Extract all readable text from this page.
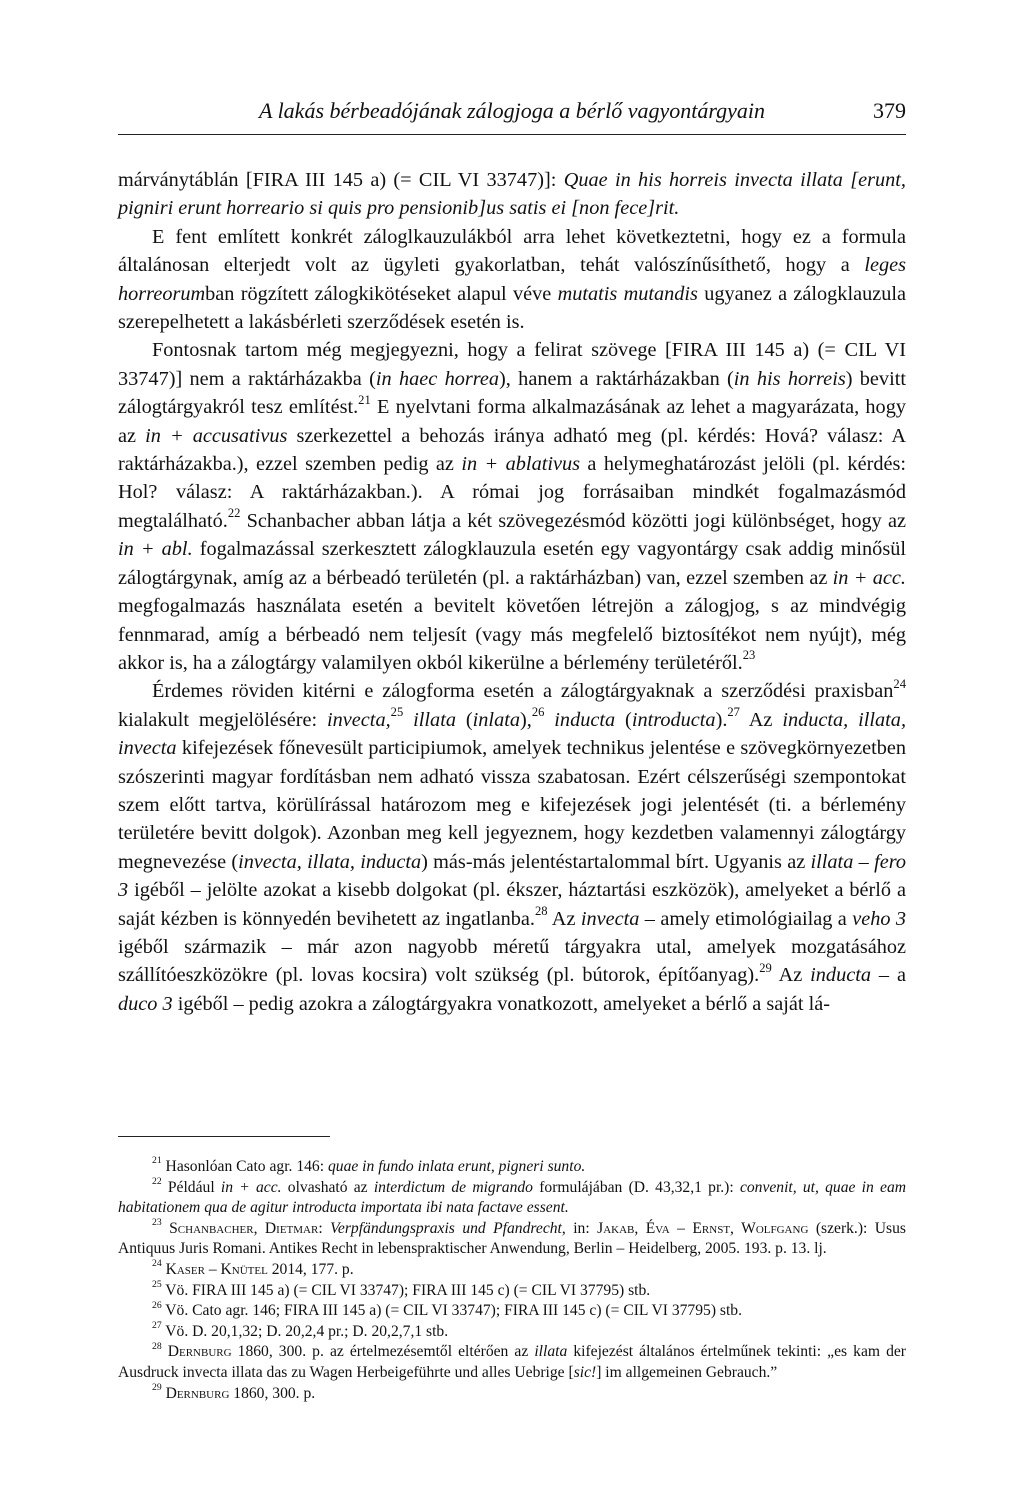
A lakás bérbeadójának zálogjoga a bérlő vagyontárgyain	379

márványtáblán [FIRA III 145 a) (= CIL VI 33747)]: Quae in his horreis invecta illata [erunt, pigniri erunt horreario si quis pro pensionib]us satis ei [non fece]rit.

E fent említett konkrét záloglkauzulákból arra lehet következtetni, hogy ez a formula általánosan elterjedt volt az ügyleti gyakorlatban, tehát valószínűsíthető, hogy a leges horreorumban rögzített zálogkikötéseket alapul véve mutatis mutandis ugyanez a zálogklauzula szerepelhetett a lakásbérleti szerződések esetén is.

Fontosnak tartom még megjegyezni, hogy a felirat szövege [FIRA III 145 a) (= CIL VI 33747)] nem a raktárházakba (in haec horrea), hanem a raktárházakban (in his horreis) bevitt zálogtárgyakról tesz említést.$^{21}$ E nyelvtani forma alkalmazásának az lehet a magyarázata, hogy az in + accusativus szerkezettel a behozás iránya adható meg (pl. kérdés: Hová? válasz: A raktárházakba.), ezzel szemben pedig az in + ablativus a helymeghatározást jelöli (pl. kérdés: Hol? válasz: A raktárházakban.). A római jog forrásaiban mindkét fogalmazásmód megtalálható.$^{22}$ Schanbacher abban látja a két szövegezésmód közötti jogi különbséget, hogy az in + abl. fogalmazással szerkesztett zálogklauzula esetén egy vagyontárgy csak addig minősül zálogtárgynak, amíg az a bérbeadó területén (pl. a raktárházban) van, ezzel szemben az in + acc. megfogalmazás használata esetén a bevitelt követően létrejön a zálogjog, s az mindvégig fennmarad, amíg a bérbeadó nem teljesít (vagy más megfelelő biztosítékot nem nyújt), még akkor is, ha a zálogtárgy valamilyen okból kikerülne a bérlemény területéről.$^{23}$

Érdemes röviden kitérni e zálogforma esetén a zálogtárgyaknak a szerződési praxisban$^{24}$ kialakult megjelölésére: invecta,$^{25}$ illata (inlata),$^{26}$ inducta (introducta).$^{27}$ Az inducta, illata, invecta kifejezések főnevesült participiumok, amelyek technikus jelentése e szövegkörnyezetben szószerinti magyar fordításban nem adható vissza szabatosan. Ezért célszerűségi szempontokat szem előtt tartva, körülírással határozom meg e kifejezések jogi jelentését (ti. a bérlemény területére bevitt dolgok). Azonban meg kell jegyeznem, hogy kezdetben valamennyi zálogtárgy megnevezése (invecta, illata, inducta) más-más jelentéstartalommal bírt. Ugyanis az illata – fero 3 igéből – jelölte azokat a kisebb dolgokat (pl. ékszer, háztartási eszközök), amelyeket a bérlő a saját kézben is könnyedén bevihetett az ingatlanba.$^{28}$ Az invecta – amely etimológiailag a veho 3 igéből származik – már azon nagyobb méretű tárgyakra utal, amelyek mozgatásához szállítóeszközökre (pl. lovas kocsira) volt szükség (pl. bútorok, építőanyag).$^{29}$ Az inducta – a duco 3 igéből – pedig azokra a zálogtárgyakra vonatkozott, amelyeket a bérlő a saját lá-

$^{21}$ Hasonlóan Cato agr. 146: quae in fundo inlata erunt, pigneri sunto.

$^{22}$ Például in + acc. olvasható az interdictum de migrando formulájában (D. 43,32,1 pr.): convenit, ut, quae in eam habitationem qua de agitur introducta importata ibi nata factave essent.

$^{23}$ Schanbacher, Dietmar: Verpfändungspraxis und Pfandrecht, in: Jakab, Éva – Ernst, Wolfgang (szerk.): Usus Antiquus Juris Romani. Antikes Recht in lebenspraktischer Anwendung, Berlin – Heidelberg, 2005. 193. p. 13. lj.

$^{24}$ Kaser – Knütel 2014, 177. p.

$^{25}$ Vö. FIRA III 145 a) (= CIL VI 33747); FIRA III 145 c) (= CIL VI 37795) stb.

$^{26}$ Vö. Cato agr. 146; FIRA III 145 a) (= CIL VI 33747); FIRA III 145 c) (= CIL VI 37795) stb.

$^{27}$ Vö. D. 20,1,32; D. 20,2,4 pr.; D. 20,2,7,1 stb.

$^{28}$ Dernburg 1860, 300. p. az értelmezésemtől eltérően az illata kifejezést általános értelműnek tekinti: „es kam der Ausdruck invecta illata das zu Wagen Herbeigeführte und alles Uebrige [sic!] im allgemeinen Gebrauch.”

$^{29}$ Dernburg 1860, 300. p.
